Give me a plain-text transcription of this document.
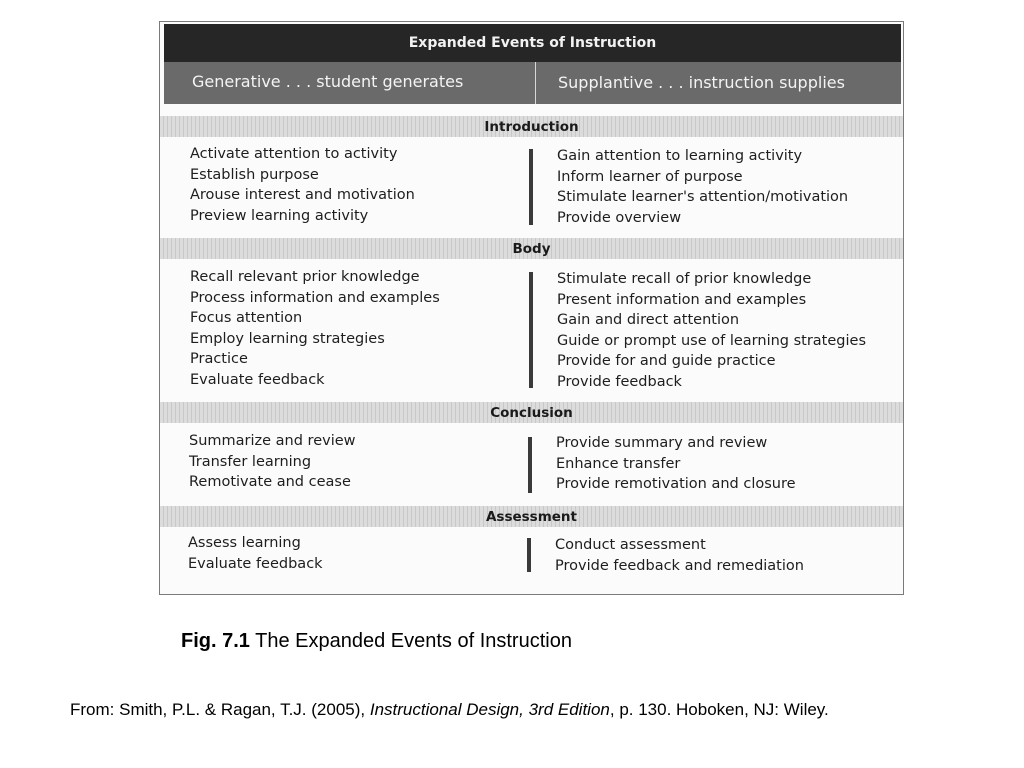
Expanded Events of Instruction
Generative . . . student generates	Supplantive . . . instruction supplies
Introduction
Activate attention to activity
Establish purpose
Arouse interest and motivation
Preview learning activity
Gain attention to learning activity
Inform learner of purpose
Stimulate learner's attention/motivation
Provide overview
Body
Recall relevant prior knowledge
Process information and examples
Focus attention
Employ learning strategies
Practice
Evaluate feedback
Stimulate recall of prior knowledge
Present information and examples
Gain and direct attention
Guide or prompt use of learning strategies
Provide for and guide practice
Provide feedback
Conclusion
Summarize and review
Transfer learning
Remotivate and cease
Provide summary and review
Enhance transfer
Provide remotivation and closure
Assessment
Assess learning
Evaluate feedback
Conduct assessment
Provide feedback and remediation
Fig. 7.1 The Expanded Events of Instruction
From: Smith, P.L. & Ragan, T.J. (2005), Instructional Design, 3rd Edition, p. 130. Hoboken, NJ: Wiley.
